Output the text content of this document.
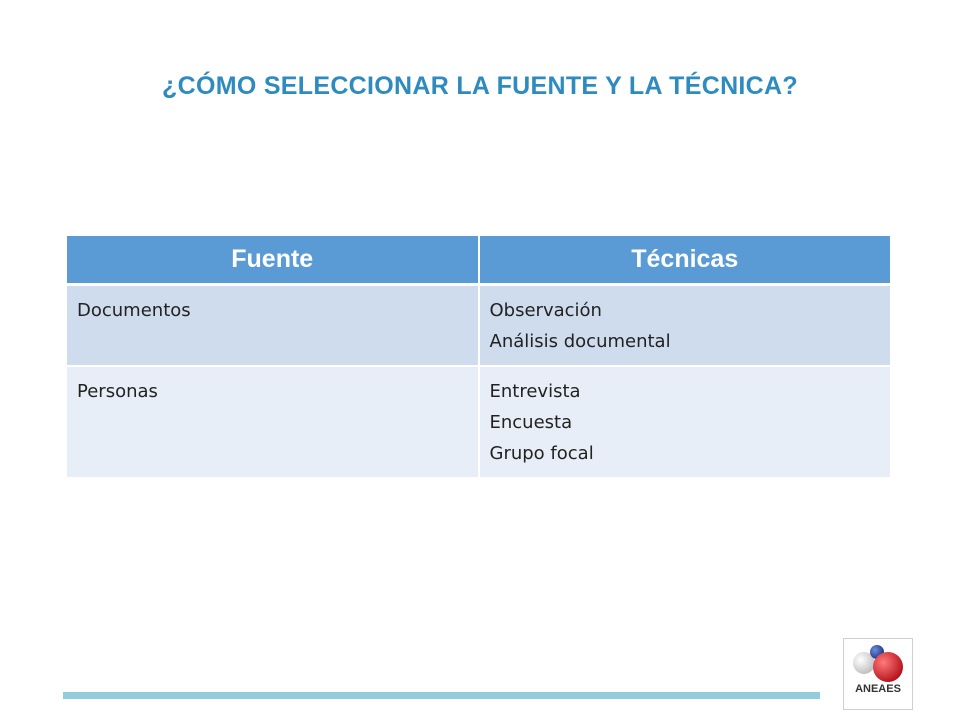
¿CÓMO SELECCIONAR LA FUENTE Y LA TÉCNICA?
Fuente	Técnicas

Documentos	Observación
Análisis documental

Personas	Entrevista
Encuesta
Grupo focal
ANEAES
